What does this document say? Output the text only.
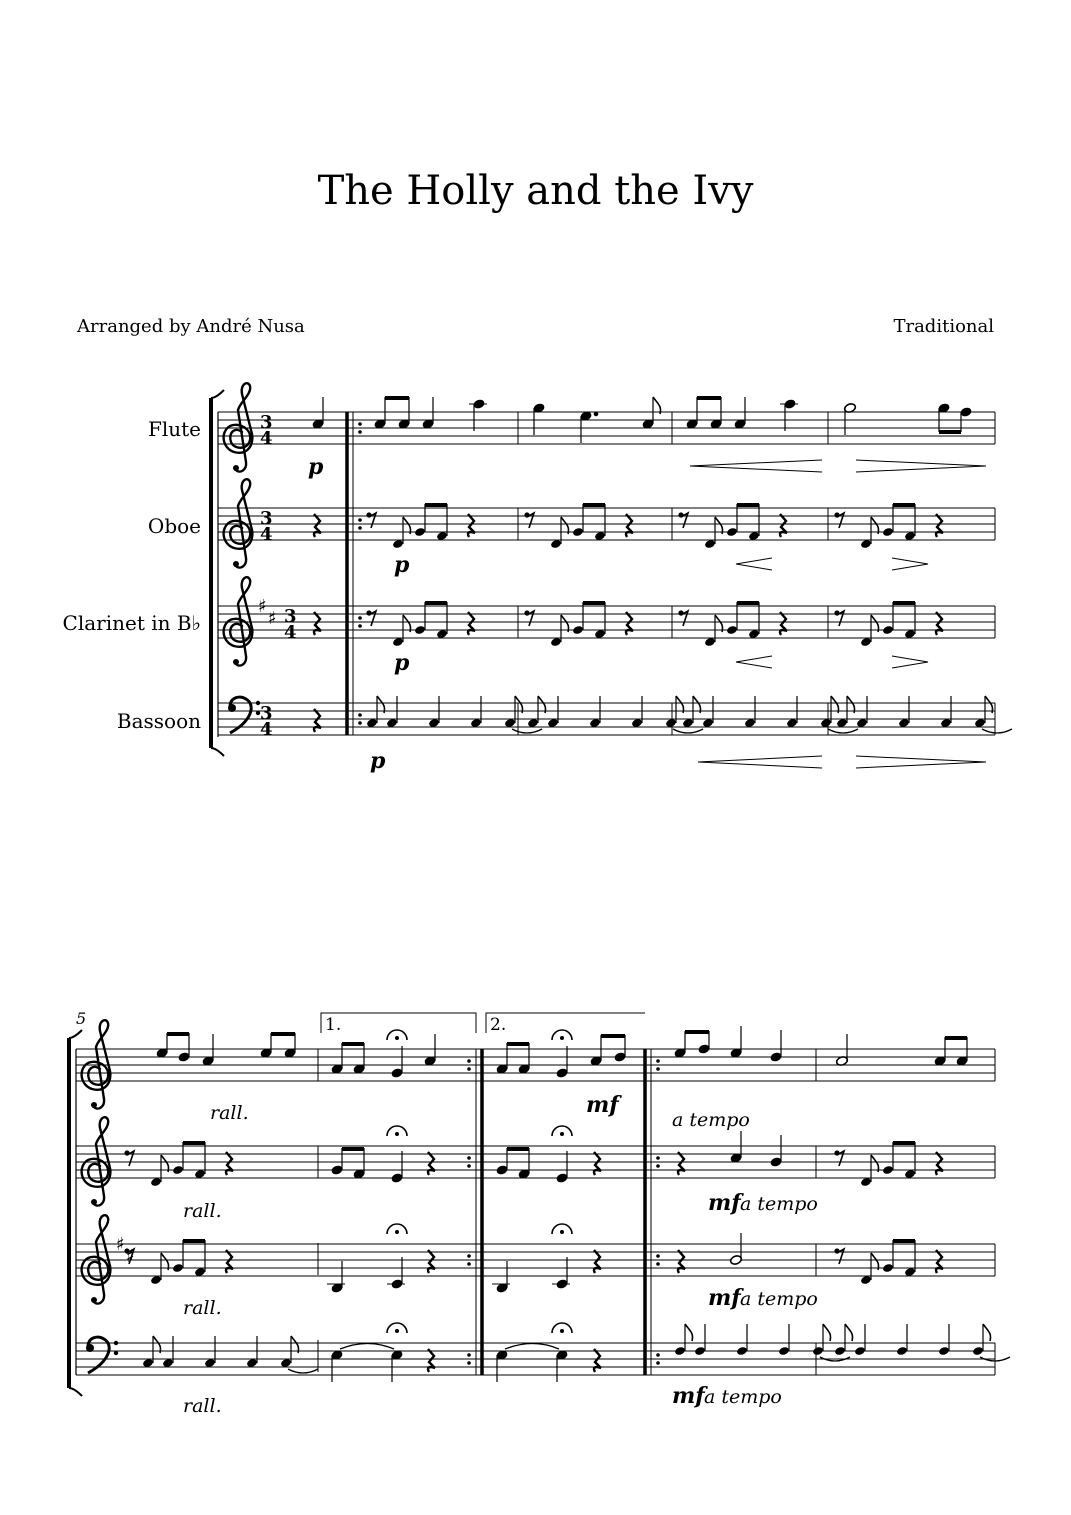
The Holly and the Ivy
Arranged by André Nusa	Traditional
Flute
Oboe
Clarinet in B♭
Bassoon
♯
♯
3
4
3
4
3
4
3
4
p
p
p
p
5
♯
♯
1.	2.
rall.	mf
a tempo
rall.	mf a tempo
rall.	mf a tempo
rall.	mf a tempo
